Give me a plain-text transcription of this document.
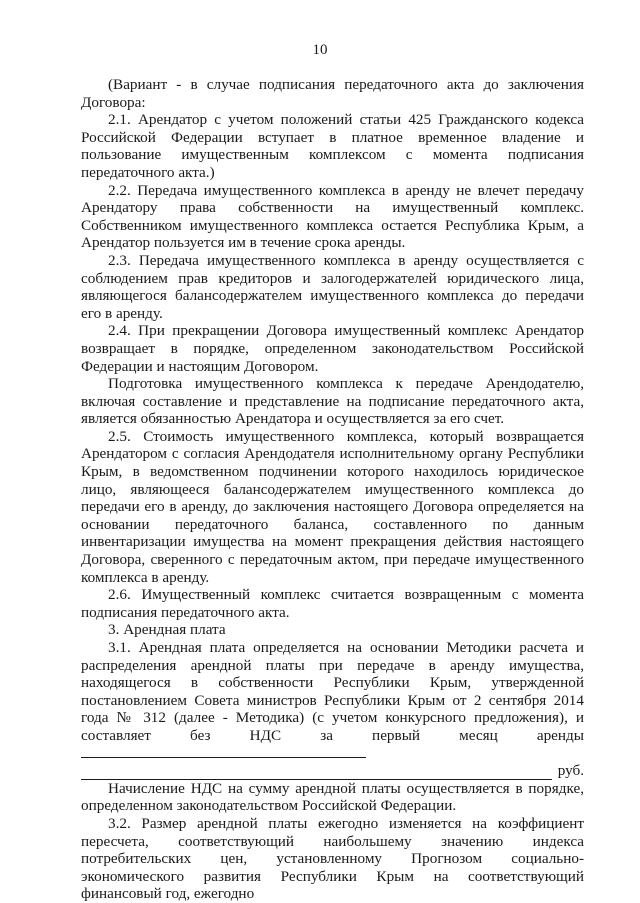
10

(Вариант - в случае подписания передаточного акта до заключения Договора:

2.1. Арендатор с учетом положений статьи 425 Гражданского кодекса Российской Федерации вступает в платное временное владение и пользование имущественным комплексом с момента подписания передаточного акта.)

2.2. Передача имущественного комплекса в аренду не влечет передачу Арендатору права собственности на имущественный комплекс. Собственником имущественного комплекса остается Республика Крым, а Арендатор пользуется им в течение срока аренды.

2.3. Передача имущественного комплекса в аренду осуществляется с соблюдением прав кредиторов и залогодержателей юридического лица, являющегося балансодержателем имущественного комплекса до передачи его в аренду.

2.4. При прекращении Договора имущественный комплекс Арендатор возвращает в порядке, определенном законодательством Российской Федерации и настоящим Договором.

Подготовка имущественного комплекса к передаче Арендодателю, включая составление и представление на подписание передаточного акта, является обязанностью Арендатора и осуществляется за его счет.

2.5. Стоимость имущественного комплекса, который возвращается Арендатором с согласия Арендодателя исполнительному органу Республики Крым, в ведомственном подчинении которого находилось юридическое лицо, являющееся балансодержателем имущественного комплекса до передачи его в аренду, до заключения настоящего Договора определяется на основании передаточного баланса, составленного по данным инвентаризации имущества на момент прекращения действия настоящего Договора, сверенного с передаточным актом, при передаче имущественного комплекса в аренду.

2.6. Имущественный комплекс считается возвращенным с момента подписания передаточного акта.

3. Арендная плата

3.1. Арендная плата определяется на основании Методики расчета и распределения арендной платы при передаче в аренду имущества, находящегося в собственности Республики Крым, утвержденной постановлением Совета министров Республики Крым от 2 сентября 2014 года № 312 (далее - Методика) (с учетом конкурсного предложения), и составляет без НДС за первый месяц аренды

руб.

Начисление НДС на сумму арендной платы осуществляется в порядке, определенном законодательством Российской Федерации.

3.2. Размер арендной платы ежегодно изменяется на коэффициент пересчета, соответствующий наибольшему значению индекса потребительских цен, установленному Прогнозом социально-экономического развития Республики Крым на соответствующий финансовый год, ежегодно
